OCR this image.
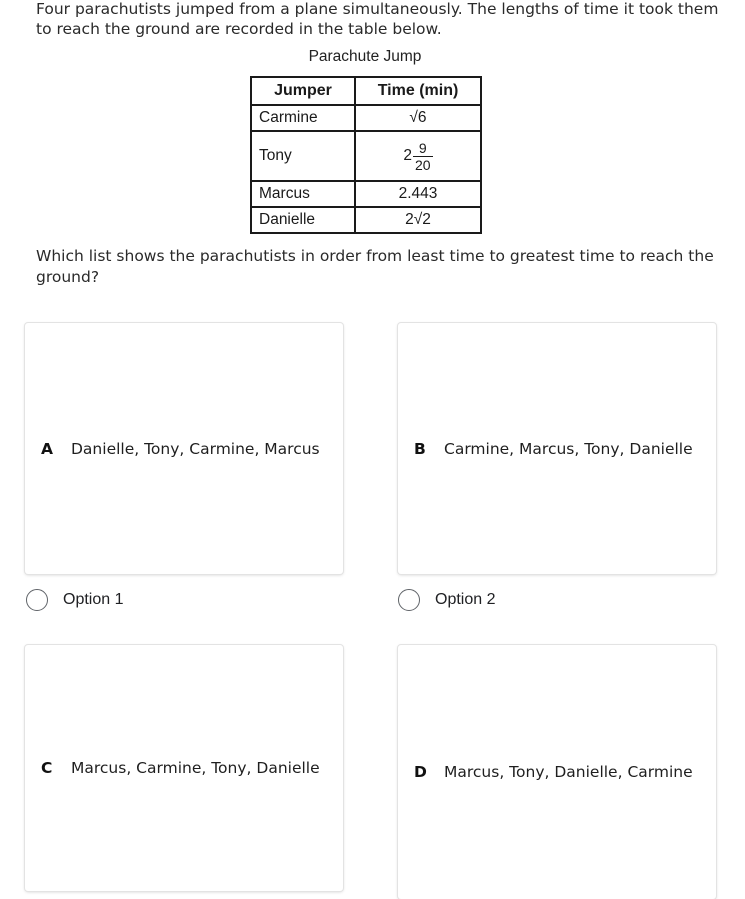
Four parachutists jumped from a plane simultaneously. The lengths of time it took them to reach the ground are recorded in the table below.

Parachute Jump
Jumper	Time (min)
Carmine	√6
Tony	$2 \frac{9}{20}$

Marcus	2.443
Danielle	2√2

Which list shows the parachutists in order from least time to greatest time to reach the ground?

A	Danielle, Tony, Carmine, Marcus
Option 1
B	Carmine, Marcus, Tony, Danielle
Option 2
C	Marcus, Carmine, Tony, Danielle	D	Marcus, Tony, Danielle, Carmine
